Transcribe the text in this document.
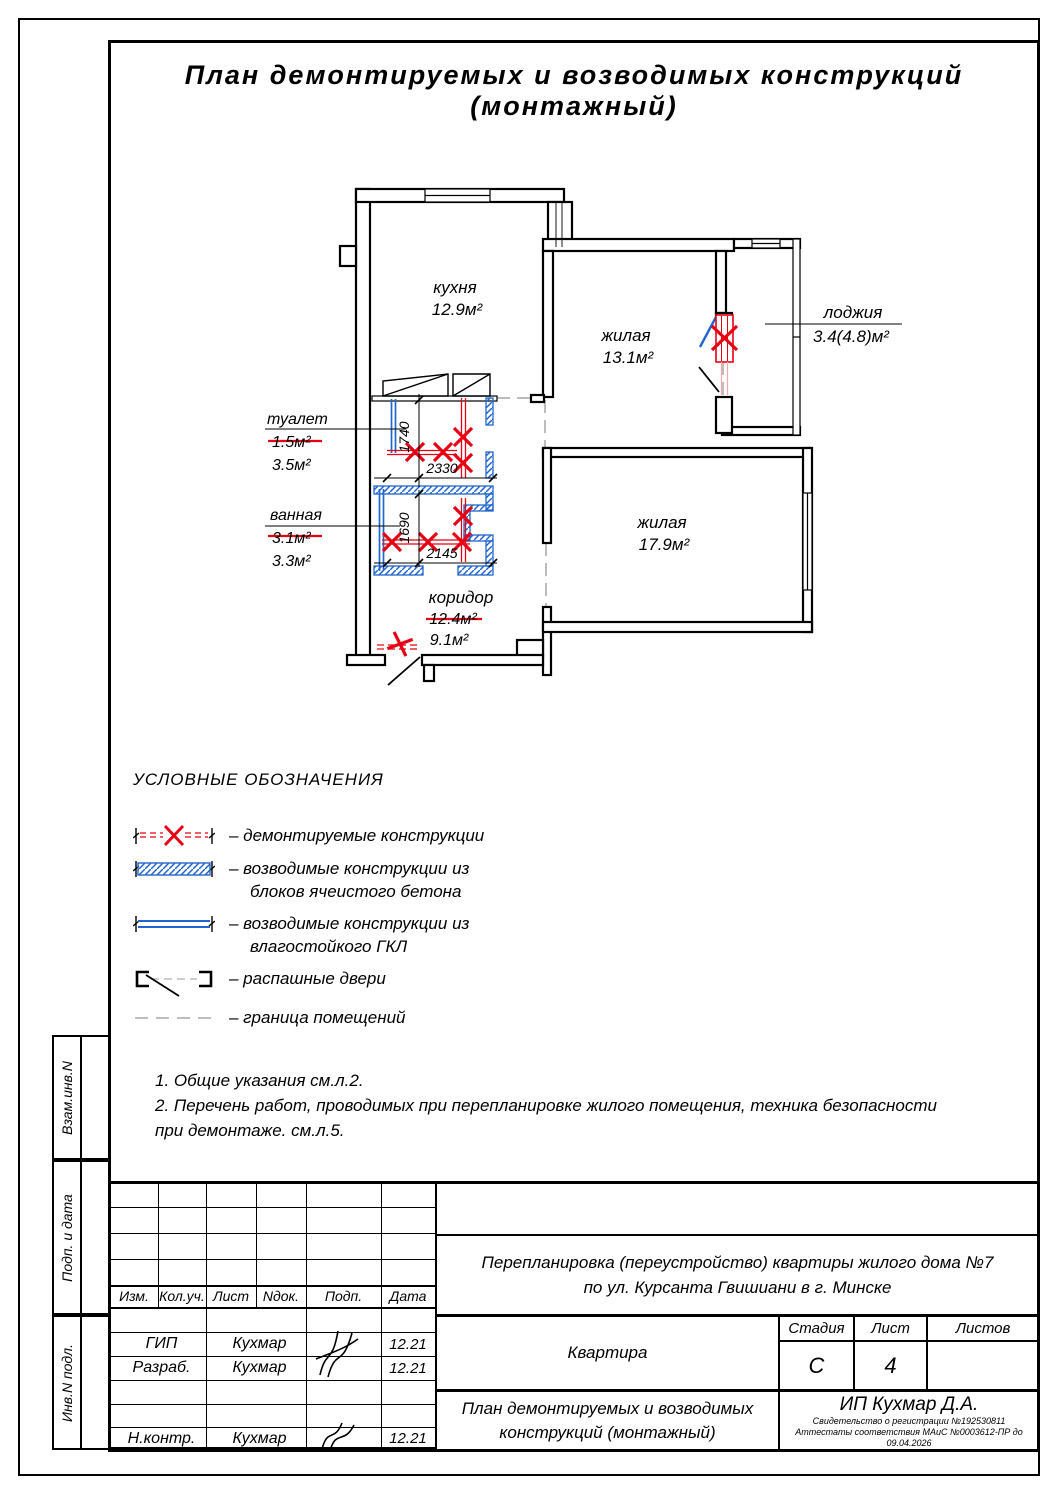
План демонтируемых и возводимых конструкций (монтажный)
кухня
12.9м²
жилая
13.1м²
лоджия
3.4(4.8)м²
жилая
17.9м²
туалет
1.5м²
3.5м²
ванная
3.1м²
3.3м²
коридор
12.4м²
9.1м²
1740
2330
1690
2145
УСЛОВНЫЕ ОБОЗНАЧЕНИЯ
– демонтируемые конструкции
– возводимые конструкции из
блоков ячеистого бетона
– возводимые конструкции из
влагостойкого ГКЛ
– распашные двери
– граница помещений
1. Общие указания см.л.2.
2. Перечень работ, проводимых при перепланировке жилого помещения, техника безопасности
при демонтаже. см.л.5.
Взам.инв.N
Подп. и дата
Инв.N подл.
Изм. Кол.уч. Лист Nдок.	Подп.	Дата
ГИП	Кухмар	12.21
Разраб.	Кухмар	12.21
Н.контр.	Кухмар	12.21
Перепланировка (переустройство) квартиры жилого дома №7
по ул. Курсанта Гвишиани в г. Минске
Квартира
Стадия	Лист	Листов
С	4
План демонтируемых и возводимых
конструкций (монтажный)
ИП Кухмар Д.А.
Свидетельство о регистрации №192530811
Аттестаты соответствия МАиС №0003612-ПР до 09.04.2026
